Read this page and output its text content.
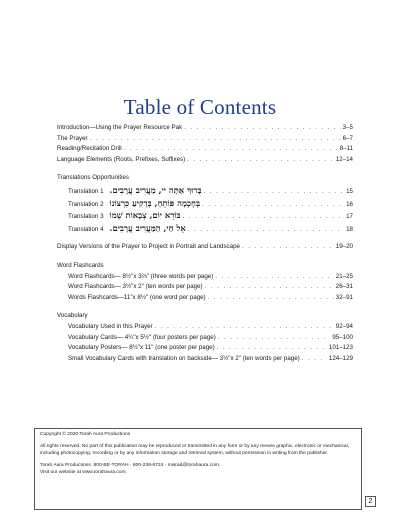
Table of Contents
Introduction—Using the Prayer Resource Pak . . .	3–5
The Prayer . . .	6–7
Reading/Recitation Drill . . .	8–11
Language Elements (Roots, Prefixes, Suffixes) . . .	12–14
Translations Opportunities
Translation 1 בָּרוּךְ אַתָּה יי, מַעֲרִיב עֲרָבִים. . . .	15
Translation 2 בְּחָכְמָה פּוֹתֵחַ, בְּרָקִיעַ כִּרְצוֹנוֹ . . .	16
Translation 3 בּוֹרֵא יוֹם, צְבָאוֹת שְׁמוֹ . . .	17
Translation 4 אֵל חַי, הַמַּעֲרִיב עֲרָבִים. . . .	18
Display Versions of the Prayer to Project in Portrait and Landscape . . .	19–20
Word Flashcards
Word Flashcards— 8½"x 3⅔" (three words per page) . . .	21–25
Word Flashcards— 3½"x 2" (ten words per page) . . .	26–31
Words Flashcards—11"x 8½" (one word per page) . . .	32–91
Vocabulary
Vocabulary Used in this Prayer . . .	92–94
Vocabulary Cards— 4¼"x 5½" (four posters per page) . . .	95–100
Vocabulary Posters— 8½"x 11" (one poster per page) . . .	101–123
Small Vocabulary Cards with translation on backside— 3½"x 2" (ten words per page) . . .	124–129

Copyright © 2020 Torah Aura Productions

All rights reserved. No part of this publication may be reproduced or transmitted in any form or by any means graphic, electronic or mechanical, including photocopying, recording or by any information storage and retrieval system, without permission in writing from the publisher.

Torah Aura Productions. 800-BE-TORAH · 800-238-6724 · misrad@torahaura.com.

Visit our website at www.torahaura.com.

2
